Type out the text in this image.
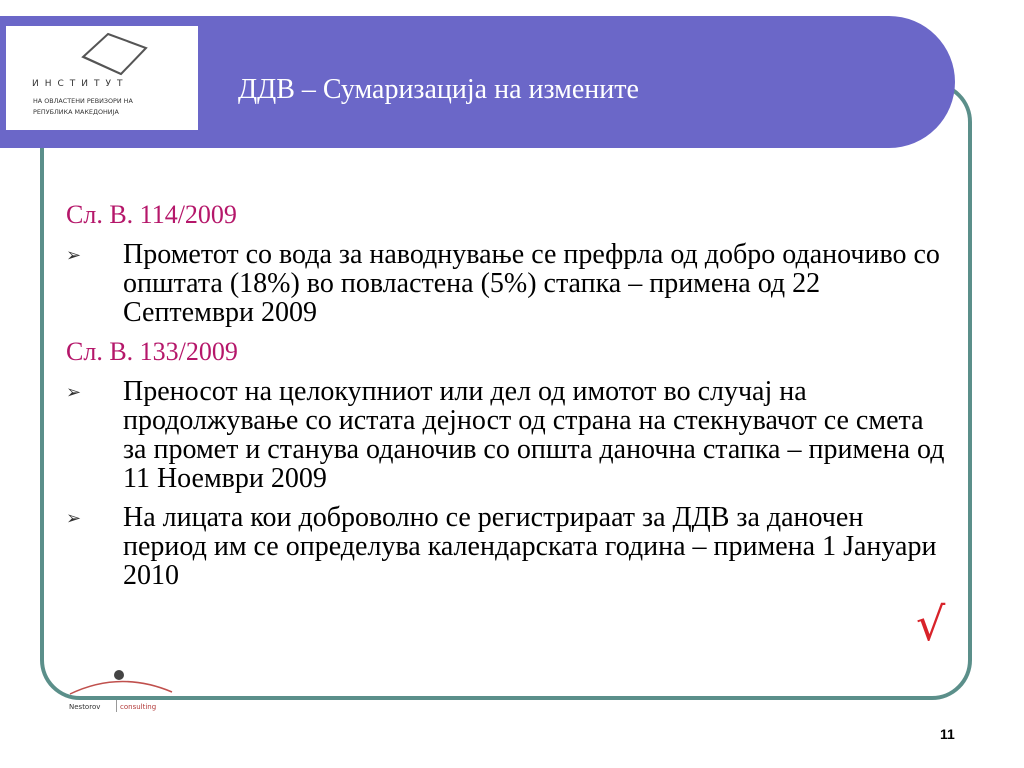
ДДВ – Сумаризација на измените
ИНСТИТУТ
НА ОВЛАСТЕНИ РЕВИЗОРИ НА
РЕПУБЛИКА МАКЕДОНИЈА
Сл. В. 114/2009
➢ Прометот со вода за наводнување се префрла од добро оданочиво со општата (18%) во повластена (5%) стапка – примена од 22 Септември 2009
Сл. В. 133/2009
➢ Преносот на целокупниот или дел од имотот во случај на продолжување со истата дејност од страна на стекнувачот се смета за промет и станува оданочив со општа даночна стапка – примена од 11 Ноември 2009
➢ На лицата кои доброволно се регистрираат за ДДВ за даночен период им се определува календарската година – примена 1 Јануари 2010
√
Nestorov	consulting
11
